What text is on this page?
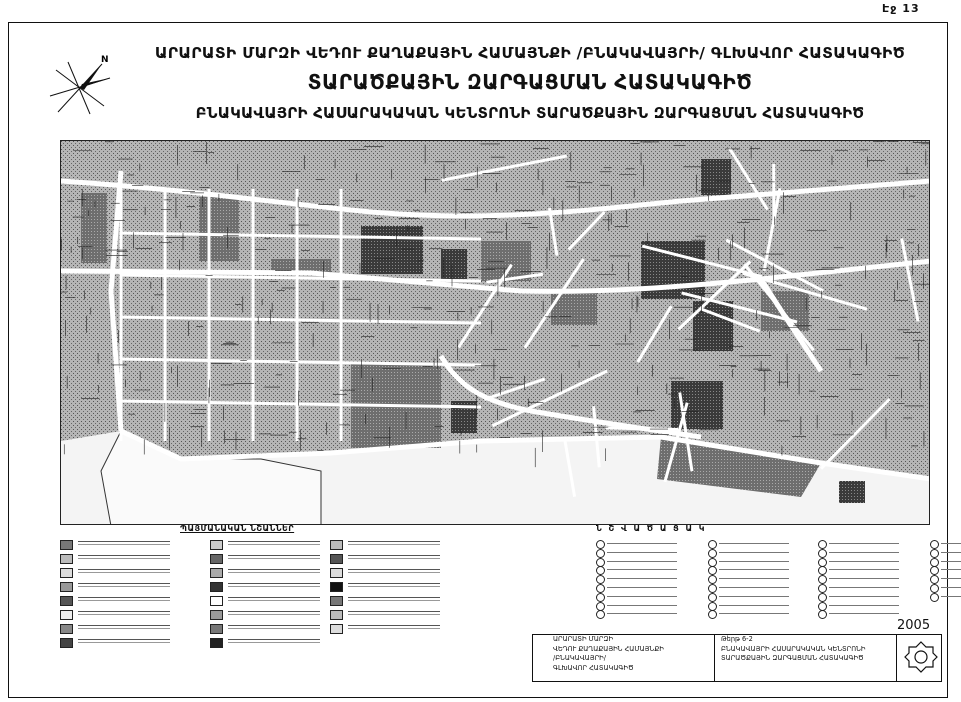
Էջ 13
N	ԱՐԱՐԱՏԻ ՄԱՐԶԻ ՎԵԴՈՒ ՔԱՂԱՔԱՅԻՆ ՀԱՄԱՅՆՔԻ /ԲՆԱԿԱՎԱՅՐԻ/ ԳԼԽԱՎՈՐ ՀԱՏԱԿԱԳԻԾ
ՏԱՐԱԾՔԱՅԻՆ ԶԱՐԳԱՑՄԱՆ ՀԱՏԱԿԱԳԻԾ
ԲՆԱԿԱՎԱՅՐԻ ՀԱՍԱՐԱԿԱԿԱՆ ԿԵՆՏՐՈՆԻ ՏԱՐԱԾՔԱՅԻՆ ԶԱՐԳԱՑՄԱՆ ՀԱՏԱԿԱԳԻԾ
ՊԱՅՄԱՆԱԿԱՆ ՆՇԱՆՆԵՐ	Ն Շ Վ Ա Ծ Ա Ց Ա Կ
2005
ԱՐԱՐԱՏԻ ՄԱՐԶԻ
ՎԵԴՈՒ ՔԱՂԱՔԱՅԻՆ ՀԱՄԱՅՆՔԻ
/ԲՆԱԿԱՎԱՅՐԻ/
ԳԼԽԱՎՈՐ ՀԱՏԱԿԱԳԻԾ
Թերթ 6-2
ԲՆԱԿԱՎԱՅՐԻ ՀԱՍԱՐԱԿԱԿԱՆ ԿԵՆՏՐՈՆԻ
ՏԱՐԱԾՔԱՅԻՆ ԶԱՐԳԱՑՄԱՆ ՀԱՏԱԿԱԳԻԾ
